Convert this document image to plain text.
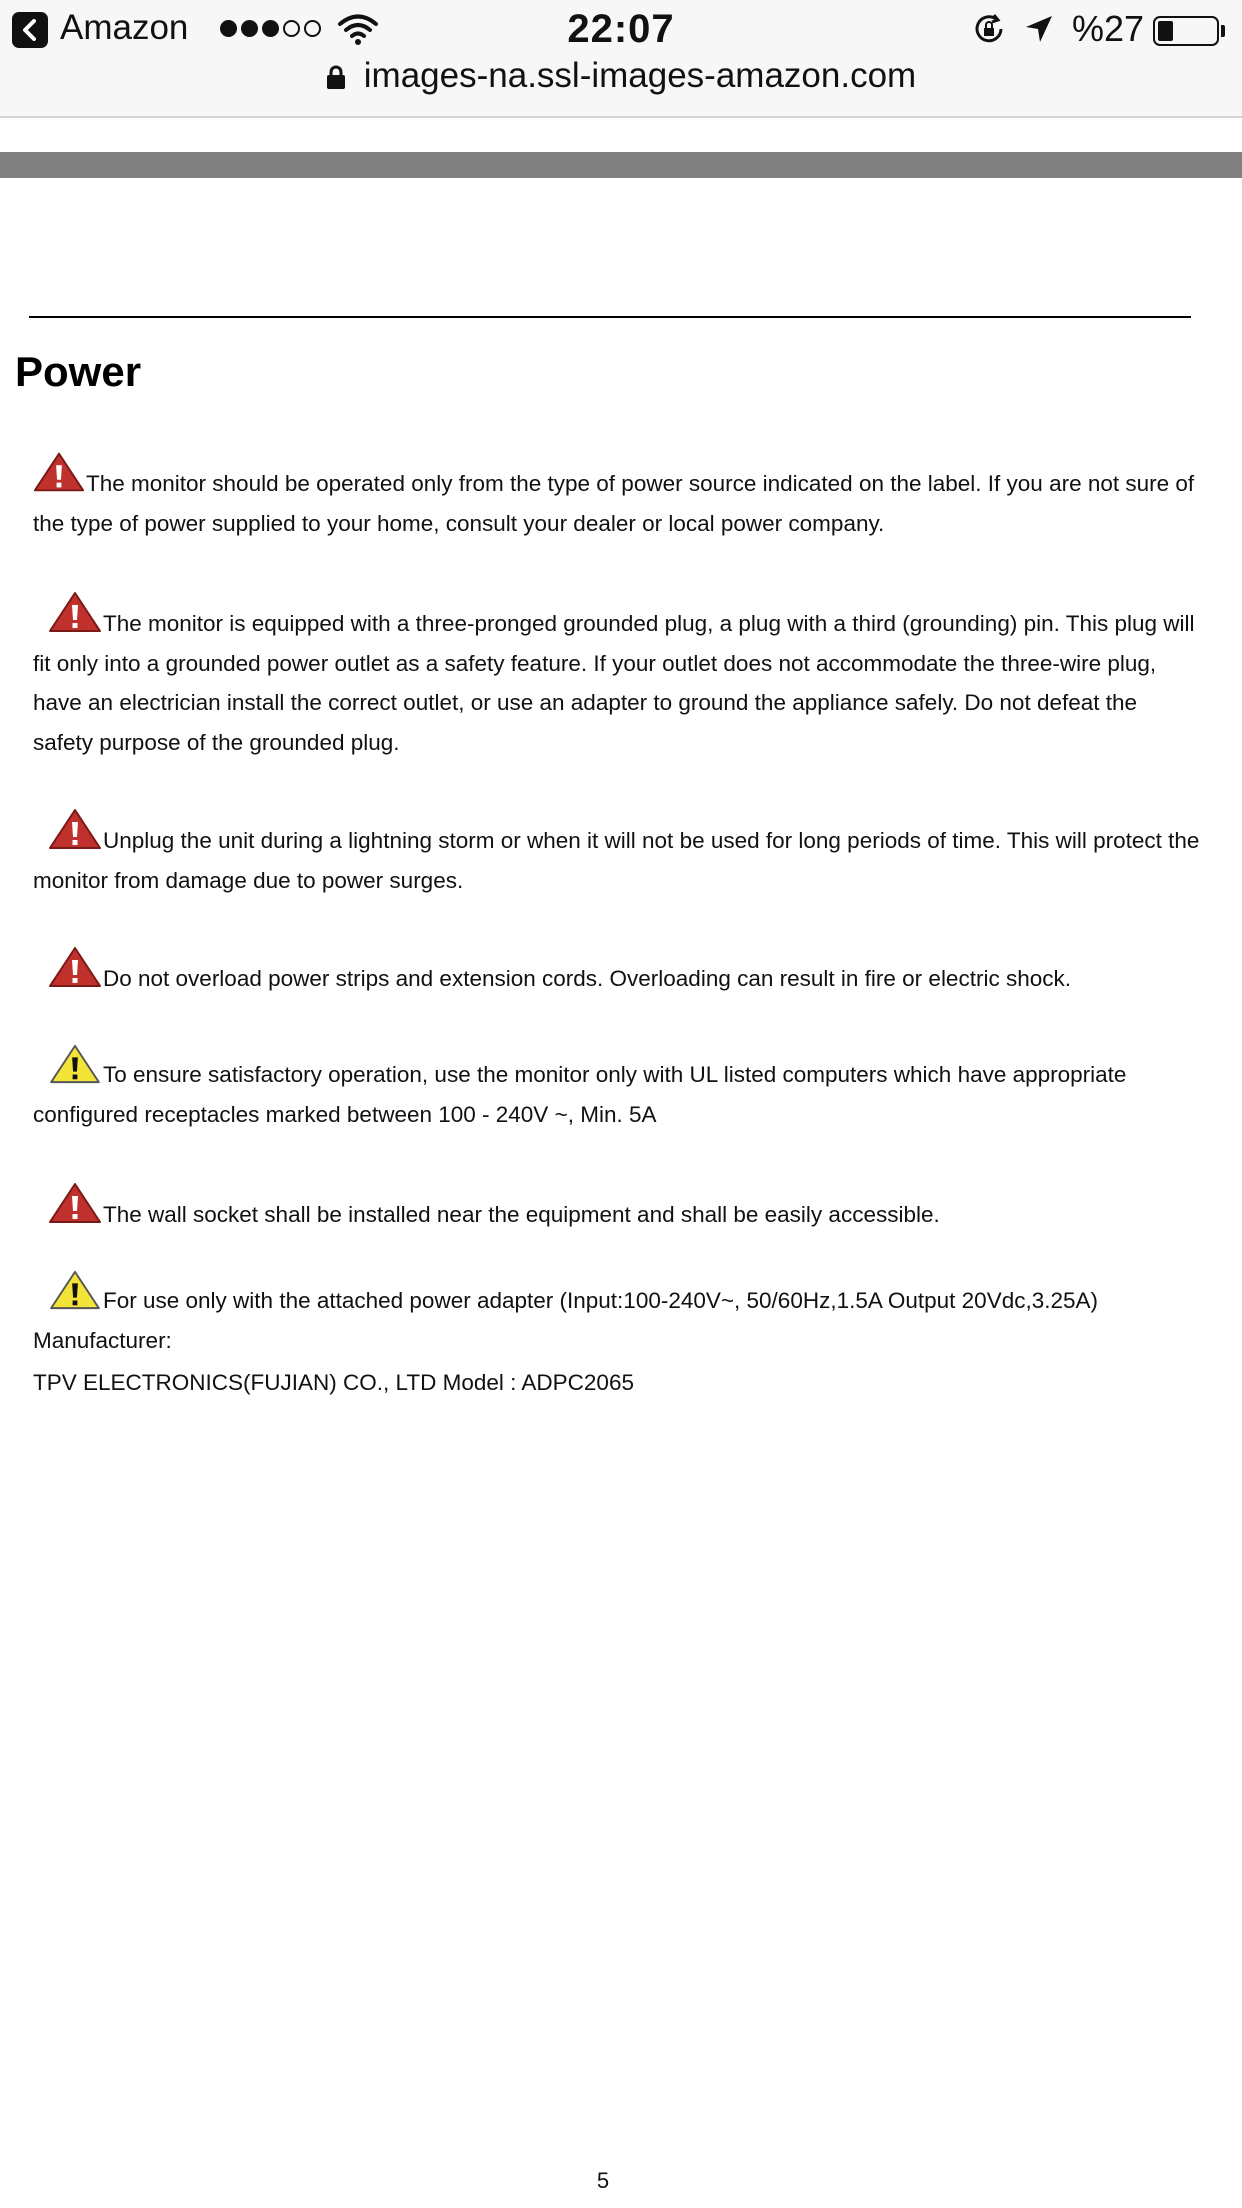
Amazon	22:07	%27
images-na.ssl-images-amazon.com
Power

The monitor should be operated only from the type of power source indicated on the label. If you are not sure of the type of power supplied to your home, consult your dealer or local power company.

The monitor is equipped with a three-pronged grounded plug, a plug with a third (grounding) pin. This plug will fit only into a grounded power outlet as a safety feature. If your outlet does not accommodate the three-wire plug, have an electrician install the correct outlet, or use an adapter to ground the appliance safely. Do not defeat the safety purpose of the grounded plug.

Unplug the unit during a lightning storm or when it will not be used for long periods of time. This will protect the monitor from damage due to power surges.

Do not overload power strips and extension cords. Overloading can result in fire or electric shock.

To ensure satisfactory operation, use the monitor only with UL listed computers which have appropriate configured receptacles marked between 100 - 240V ~, Min. 5A

The wall socket shall be installed near the equipment and shall be easily accessible.

For use only with the attached power adapter (Input:100-240V~, 50/60Hz,1.5A Output 20Vdc,3.25A) Manufacturer:

TPV ELECTRONICS(FUJIAN) CO., LTD Model : ADPC2065

5
